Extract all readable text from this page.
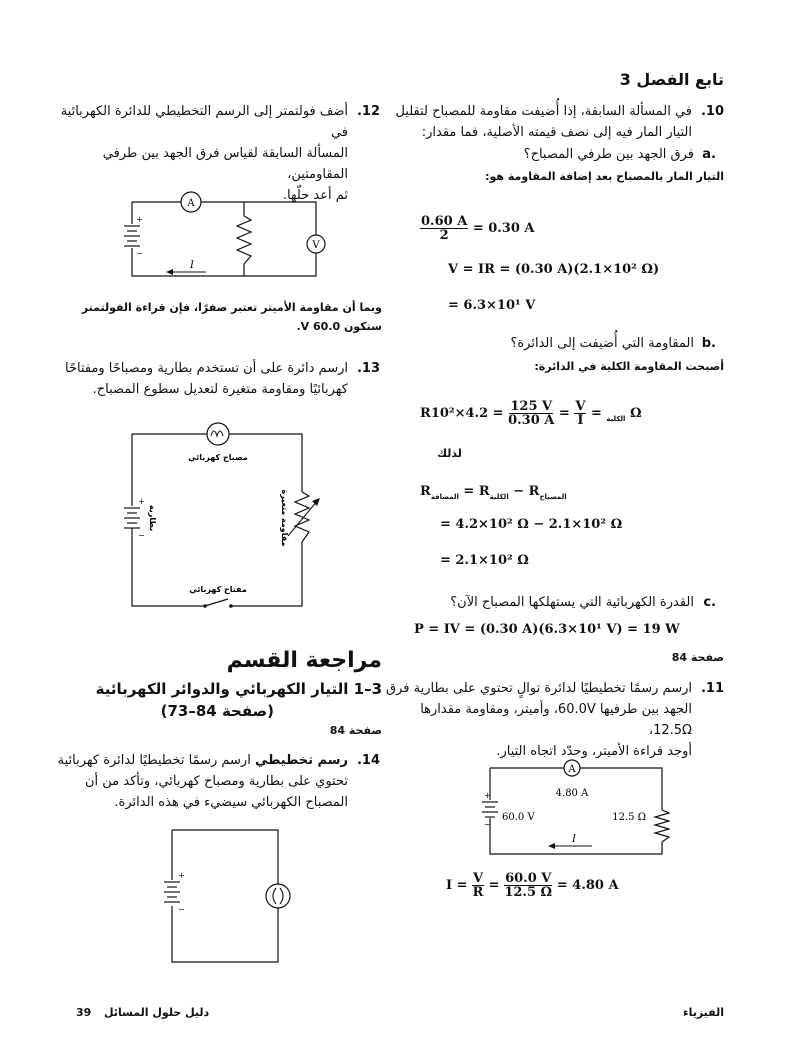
تابع الفصل 3
.10
في المسألة السابقة، إذا أُضيفت مقاومة للمصباح لتقليل
التيار المار فيه إلى نصف قيمته الأصلية، فما مقدار:
a.
فرق الجهد بين طرفي المصباح؟
التيار المار بالمصباح بعد إضافة المقاومة هو:
$\frac{0.60 A}{2} = 0.30$ A
V = IR = (0.30 A)(2.1×10² Ω)
= 6.3×10¹ V
b.
المقاومة التي أُضيفت إلى الدائرة؟
أصبحت المقاومة الكلية في الدائرة:
R	$_{الكلية}$ =
$\frac{V}{I}$
=
$\frac{125 V}{0.30 A}$
= 4.2×10² Ω
لذلك
$R_{المضافة} = R_{الكلية} - R_{المصباح}$
= 4.2×10² Ω − 2.1×10² Ω
= 2.1×10² Ω
c.
القدرة الكهربائية التي يستهلكها المصباح الآن؟
P = IV = (0.30 A)(6.3×10¹ V) = 19 W
صفحة 84
.11
ارسم رسمًا تخطيطيًا لدائرة توالٍ تحتوي على بطارية فرق
الجهد بين طرفيها 60.0V، وأميتر، ومقاومة مقدارها 12.5Ω،
أوجد قراءة الأميتر، وحدّد اتجاه التيار.
+
−
A
4.80 A
60.0 V	12.5 Ω
I
$I = \frac{V}{R} = \frac{60.0 V}{12.5 \Omega} = 4.80$ A
.12
أضف فولتمتر إلى الرسم التخطيطي للدائرة الكهربائية في
المسألة السابقة لقياس فرق الجهد بين طرفي المقاومتين،
ثم أعد حلّها.
+
−
A
V
I
وبما أن مقاومة الأميتر تعتبر صفرًا، فإن قراءة الفولتمتر
ستكون 60.0 V.
.13
ارسم دائرة على أن تستخدم بطارية ومصباحًا ومفتاحًا
كهربائيًا ومقاومة متغيرة لتعديل سطوع المصباح.
مصباح كهربائي
+
−
بطارية	مقاومة متغيرة
مفتاح كهربائي
مراجعة القسم
3–1 التيار الكهربائي والدوائر الكهربائية
(صفحة 84–73)
صفحة 84
.14
رسم تخطيطي ارسم رسمًا تخطيطيًا لدائرة كهربائية
تحتوي على بطارية ومصباح كهربائي، وتأكد من أن
المصباح الكهربائي سيضيء في هذه الدائرة.
+
−
الفيزياء
39 دليل حلول المسائل
